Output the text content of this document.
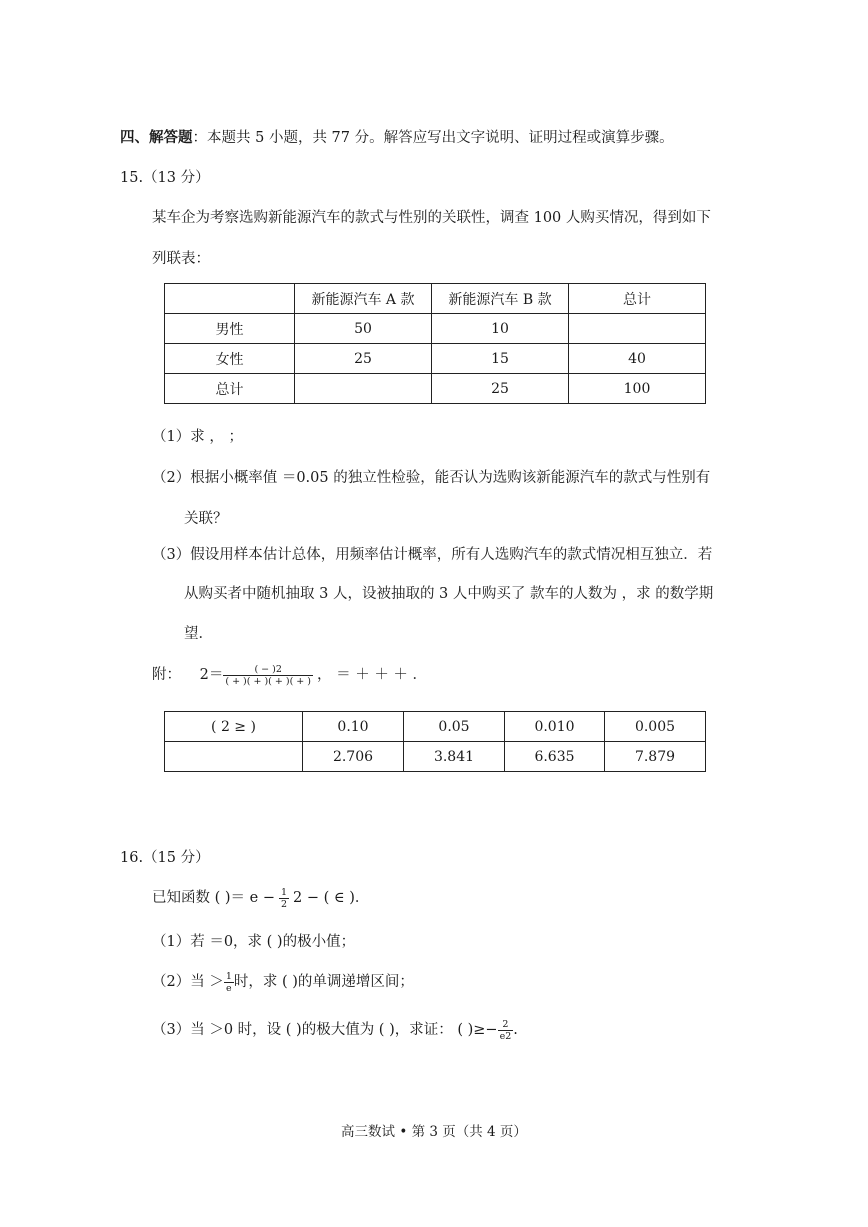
四、解答题：本题共 5 小题，共 77 分。解答应写出文字说明、证明过程或演算步骤。
15.（13 分）
某车企为考察选购新能源汽车的款式与性别的关联性，调查 100 人购买情况，得到如下
列联表：
	新能源汽车 A 款	新能源汽车 B 款	总计
男性	50	10	
女性	25	15	40
总计		25	100
（1）求 ， ；
（2）根据小概率值 ＝0.05 的独立性检验，能否认为选购该新能源汽车的款式与性别有
关联？
（3）假设用样本估计总体，用频率估计概率，所有人选购汽车的款式情况相互独立．若
从购买者中随机抽取 3 人，设被抽取的 3 人中购买了 款车的人数为 ，求 的数学期
望．
附： $2= \frac{( - )2}{( + )( + )( + )( + )}$ ， ＝ ＋ ＋ ＋ ．
( 2 ≥ )	0.10	0.05	0.010	0.005
	2.706	3.841	6.635	7.879
16.（15 分）
已知函数 ( )＝ $e - \frac{1}{2} 2$ − ( ∈ )．
（1）若 ＝0，求 ( )的极小值；
（2）当 ＞ $\frac{1}{e}$ 时，求 ( )的单调递增区间；
（3）当 ＞0 时，设 ( )的极大值为 ( )，求证： ( )≥− $\frac{2}{e2}$ .
高三数试 • 第 3 页（共 4 页）
